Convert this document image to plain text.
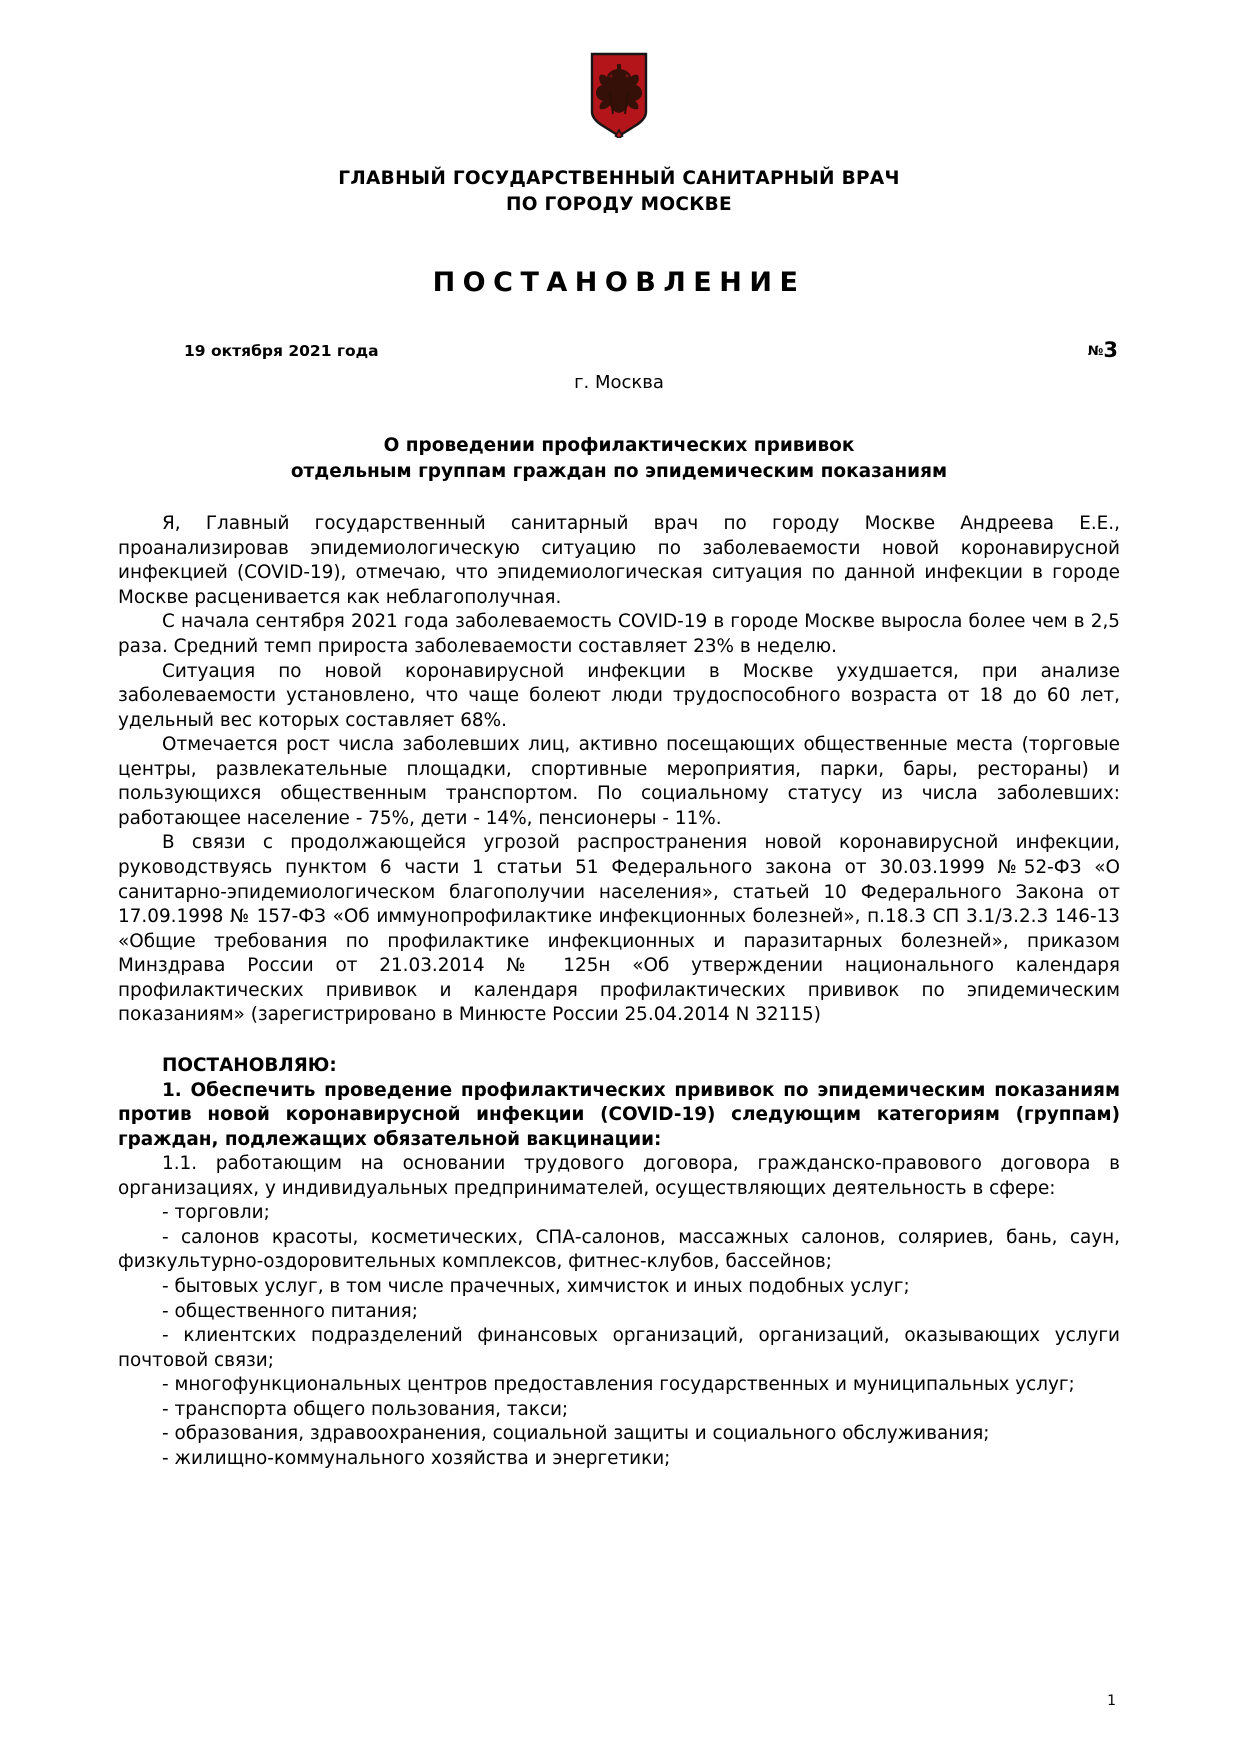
ГЛАВНЫЙ ГОСУДАРСТВЕННЫЙ САНИТАРНЫЙ ВРАЧ
ПО ГОРОДУ МОСКВЕ
ПОСТАНОВЛЕНИЕ
19 октября 2021 года	№3
г. Москва
О проведении профилактических прививок
отдельным группам граждан по эпидемическим показаниям

Я, Главный государственный санитарный врач по городу Москве Андреева Е.Е., проанализировав эпидемиологическую ситуацию по заболеваемости новой коронавирусной инфекцией (COVID-19), отмечаю, что эпидемиологическая ситуация по данной инфекции в городе Москве расценивается как неблагополучная.

С начала сентября 2021 года заболеваемость COVID-19 в городе Москве выросла более чем в 2,5 раза. Средний темп прироста заболеваемости составляет 23% в неделю.

Ситуация по новой коронавирусной инфекции в Москве ухудшается, при анализе заболеваемости установлено, что чаще болеют люди трудоспособного возраста от 18 до 60 лет, удельный вес которых составляет 68%.

Отмечается рост числа заболевших лиц, активно посещающих общественные места (торговые центры, развлекательные площадки, спортивные мероприятия, парки, бары, рестораны) и пользующихся общественным транспортом. По социальному статусу из числа заболевших: работающее население - 75%, дети - 14%, пенсионеры - 11%.

В связи с продолжающейся угрозой распространения новой коронавирусной инфекции, руководствуясь пунктом 6 части 1 статьи 51 Федерального закона от 30.03.1999 №52-ФЗ «О санитарно-эпидемиологическом благополучии населения», статьей 10 Федерального Закона от 17.09.1998 № 157-ФЗ «Об иммунопрофилактике инфекционных болезней», п.18.3 СП 3.1/3.2.3 146-13 «Общие требования по профилактике инфекционных и паразитарных болезней», приказом Минздрава России от 21.03.2014 № 125н «Об утверждении национального календаря профилактических прививок и календаря профилактических прививок по эпидемическим показаниям» (зарегистрировано в Минюсте России 25.04.2014 N 32115)

ПОСТАНОВЛЯЮ:

1. Обеспечить проведение профилактических прививок по эпидемическим показаниям против новой коронавирусной инфекции (COVID-19) следующим категориям (группам) граждан, подлежащих обязательной вакцинации:

1.1. работающим на основании трудового договора, гражданско-правового договора в организациях, у индивидуальных предпринимателей, осуществляющих деятельность в сфере:

- торговли;

- салонов красоты, косметических, СПА-салонов, массажных салонов, соляриев, бань, саун, физкультурно-оздоровительных комплексов, фитнес-клубов, бассейнов;

- бытовых услуг, в том числе прачечных, химчисток и иных подобных услуг;

- общественного питания;

- клиентских подразделений финансовых организаций, организаций, оказывающих услуги почтовой связи;

- многофункциональных центров предоставления государственных и муниципальных услуг;

- транспорта общего пользования, такси;

- образования, здравоохранения, социальной защиты и социального обслуживания;

- жилищно-коммунального хозяйства и энергетики;

1
